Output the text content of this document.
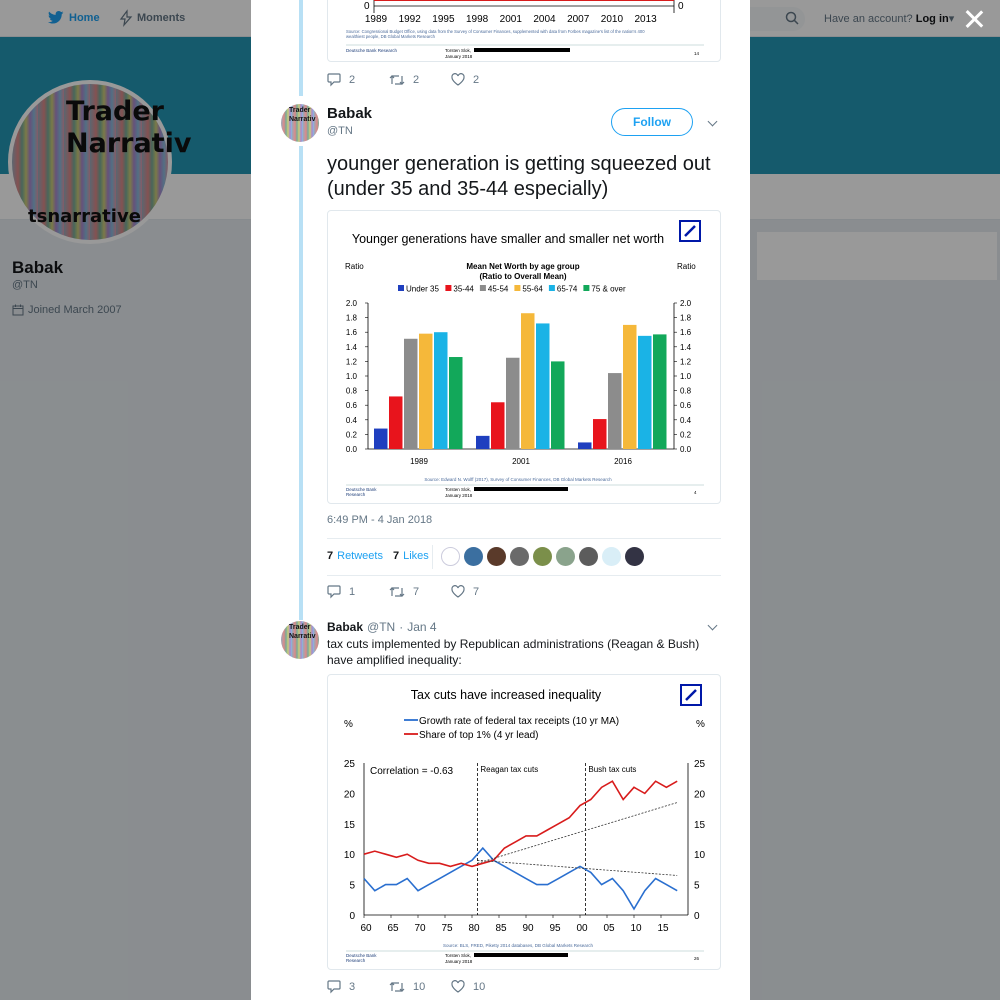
Home	Moments	Have an account? Log in▾
Trader
Narrativ
tsnarrative
Babak
@TN
Joined March 2007
0	0
1989 1992 1995 1998 2001 2004 2007 2010 2013
Source: Congressional Budget Office, using data from the Survey of Consumer Finances, supplemented with data from Forbes magazine's list of the nation's 400 wealthiest people, DB Global Markets Research
Deutsche Bank Research	Torsten Slok,
January 2018
14
2	2	2
Trader
Narrativ Babak
@TN
Follow
younger generation is getting squeezed out (under 35 and 35-44 especially)
Younger generations have smaller and smaller net worth
Mean Net Worth by age group
(Ratio to Overall Mean)
Ratio	Ratio
Under 35 35-44 45-54 55-64 65-74 75 & over
0.0	0.0
0.2	0.2
0.4	0.4
0.6	0.6
0.8	0.8
1.0	1.0
1.2	1.2
1.4	1.4
1.6	1.6
1.8	1.8
2.0	2.0
1989	2001	2016
Source: Edward N. Wolff (2017), Survey of Consumer Finances, DB Global Markets Research
Deutsche Bank
Research
Torsten Slok,
January 2018
4
6:49 PM - 4 Jan 2018
7 Retweets 7 Likes
1	7	7
Trader
Narrativ
Babak @TN · Jan 4
tax cuts implemented by Republican administrations (Reagan & Bush) have amplified inequality:
Tax cuts have increased inequality
%	%
Growth rate of federal tax receipts (10 yr MA)
Share of top 1% (4 yr lead)
0	0
5	5
10	10
15	15
20	20
25	25
60 65 70 75 80 85 90 95 00 05 10 15
Correlation = -0.63	Reagan tax cuts	Bush tax cuts
Source: BLS, FRED, Piketty 2014 databases, DB Global Markets Research
Deutsche Bank
Research
Torsten Slok,
January 2018
26
3	10	10
